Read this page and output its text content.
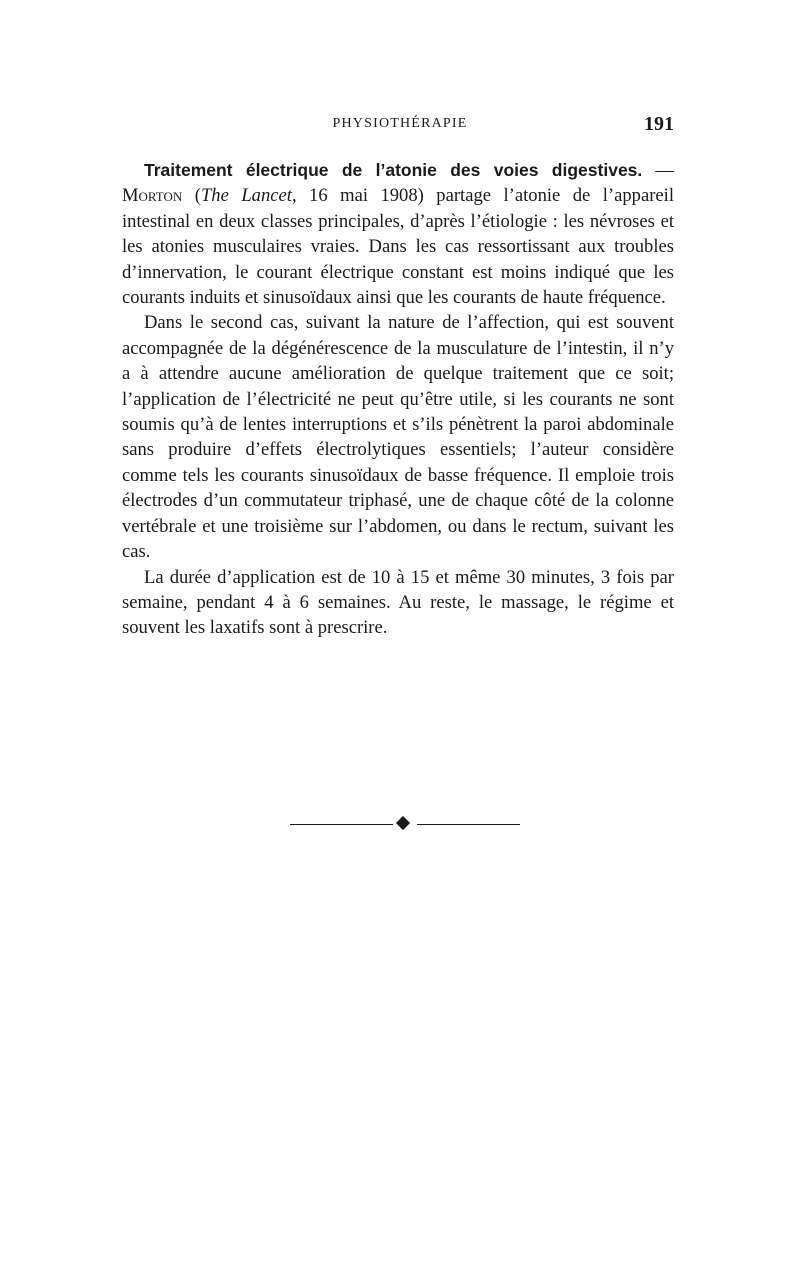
PHYSIOTHÉRAPIE	191

Traitement électrique de l’atonie des voies digestives. — Morton (The Lancet, 16 mai 1908) partage l’atonie de l’appareil intestinal en deux classes principales, d’après l’étiologie : les névroses et les atonies musculaires vraies. Dans les cas ressortissant aux troubles d’innervation, le courant électrique constant est moins indiqué que les courants induits et sinusoïdaux ainsi que les courants de haute fréquence.

Dans le second cas, suivant la nature de l’affection, qui est souvent accompagnée de la dégénérescence de la musculature de l’intestin, il n’y a à attendre aucune amélioration de quelque traitement que ce soit; l’application de l’électricité ne peut qu’être utile, si les courants ne sont soumis qu’à de lentes interruptions et s’ils pénètrent la paroi abdominale sans produire d’effets électrolytiques essentiels; l’auteur considère comme tels les courants sinusoïdaux de basse fréquence. Il emploie trois électrodes d’un commutateur triphasé, une de chaque côté de la colonne vertébrale et une troisième sur l’abdomen, ou dans le rectum, suivant les cas.

La durée d’application est de 10 à 15 et même 30 minutes, 3 fois par semaine, pendant 4 à 6 semaines. Au reste, le massage, le régime et souvent les laxatifs sont à prescrire.
